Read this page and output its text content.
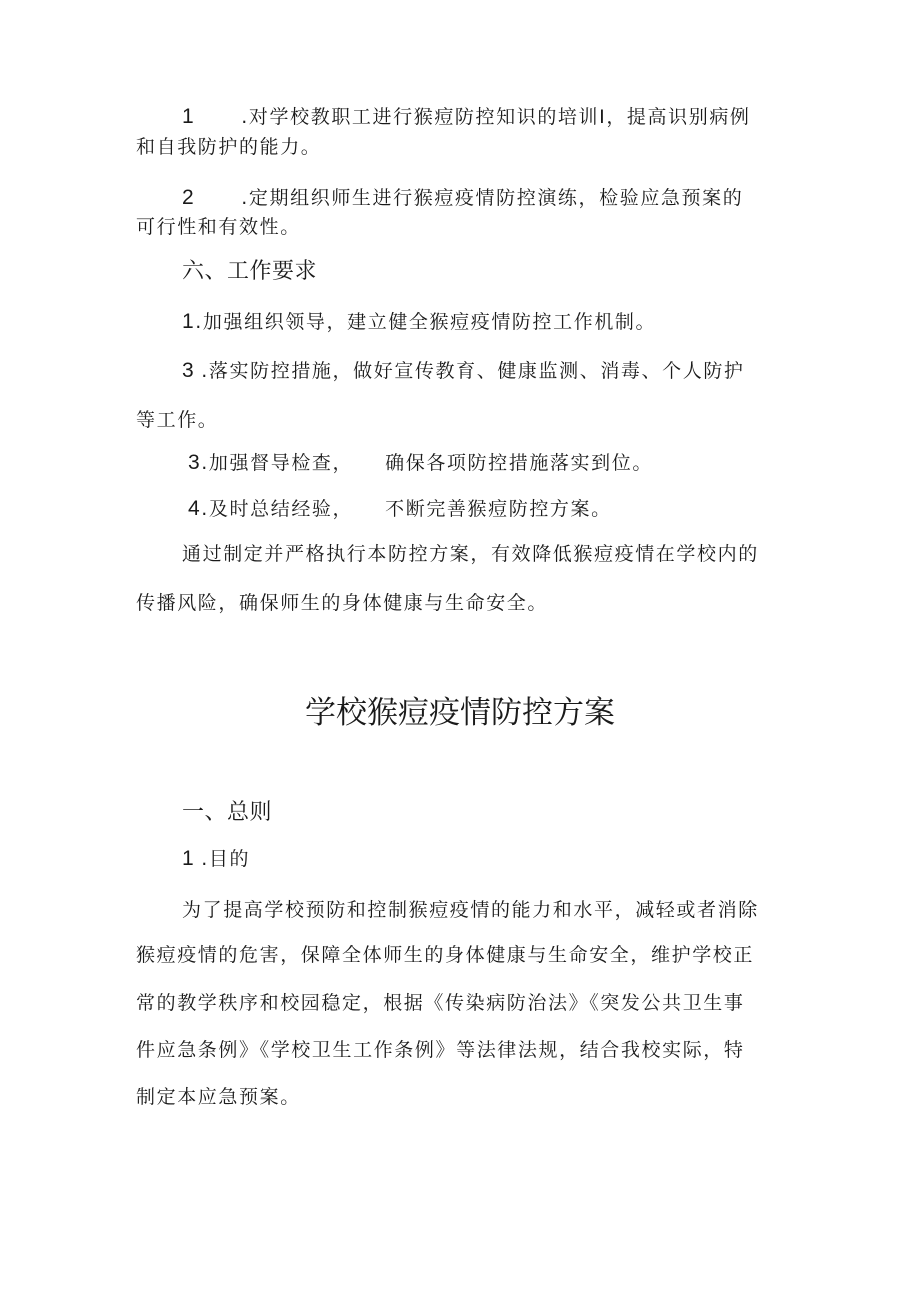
1 .对学校教职工进行猴痘防控知识的培训I，提高识别病例
和自我防护的能力。
2 .定期组织师生进行猴痘疫情防控演练，检验应急预案的
可行性和有效性。
六、工作要求
1.加强组织领导，建立健全猴痘疫情防控工作机制。
3 .落实防控措施，做好宣传教育、健康监测、消毒、个人防护
等工作。
3.加强督导检查， 确保各项防控措施落实到位。
4.及时总结经验， 不断完善猴痘防控方案。
通过制定并严格执行本防控方案，有效降低猴痘疫情在学校内的
传播风险，确保师生的身体健康与生命安全。
学校猴痘疫情防控方案
一、总则
1 .目的
为了提高学校预防和控制猴痘疫情的能力和水平，减轻或者消除
猴痘疫情的危害，保障全体师生的身体健康与生命安全，维护学校正
常的教学秩序和校园稳定，根据《传染病防治法》《突发公共卫生事
件应急条例》《学校卫生工作条例》等法律法规，结合我校实际，特
制定本应急预案。
